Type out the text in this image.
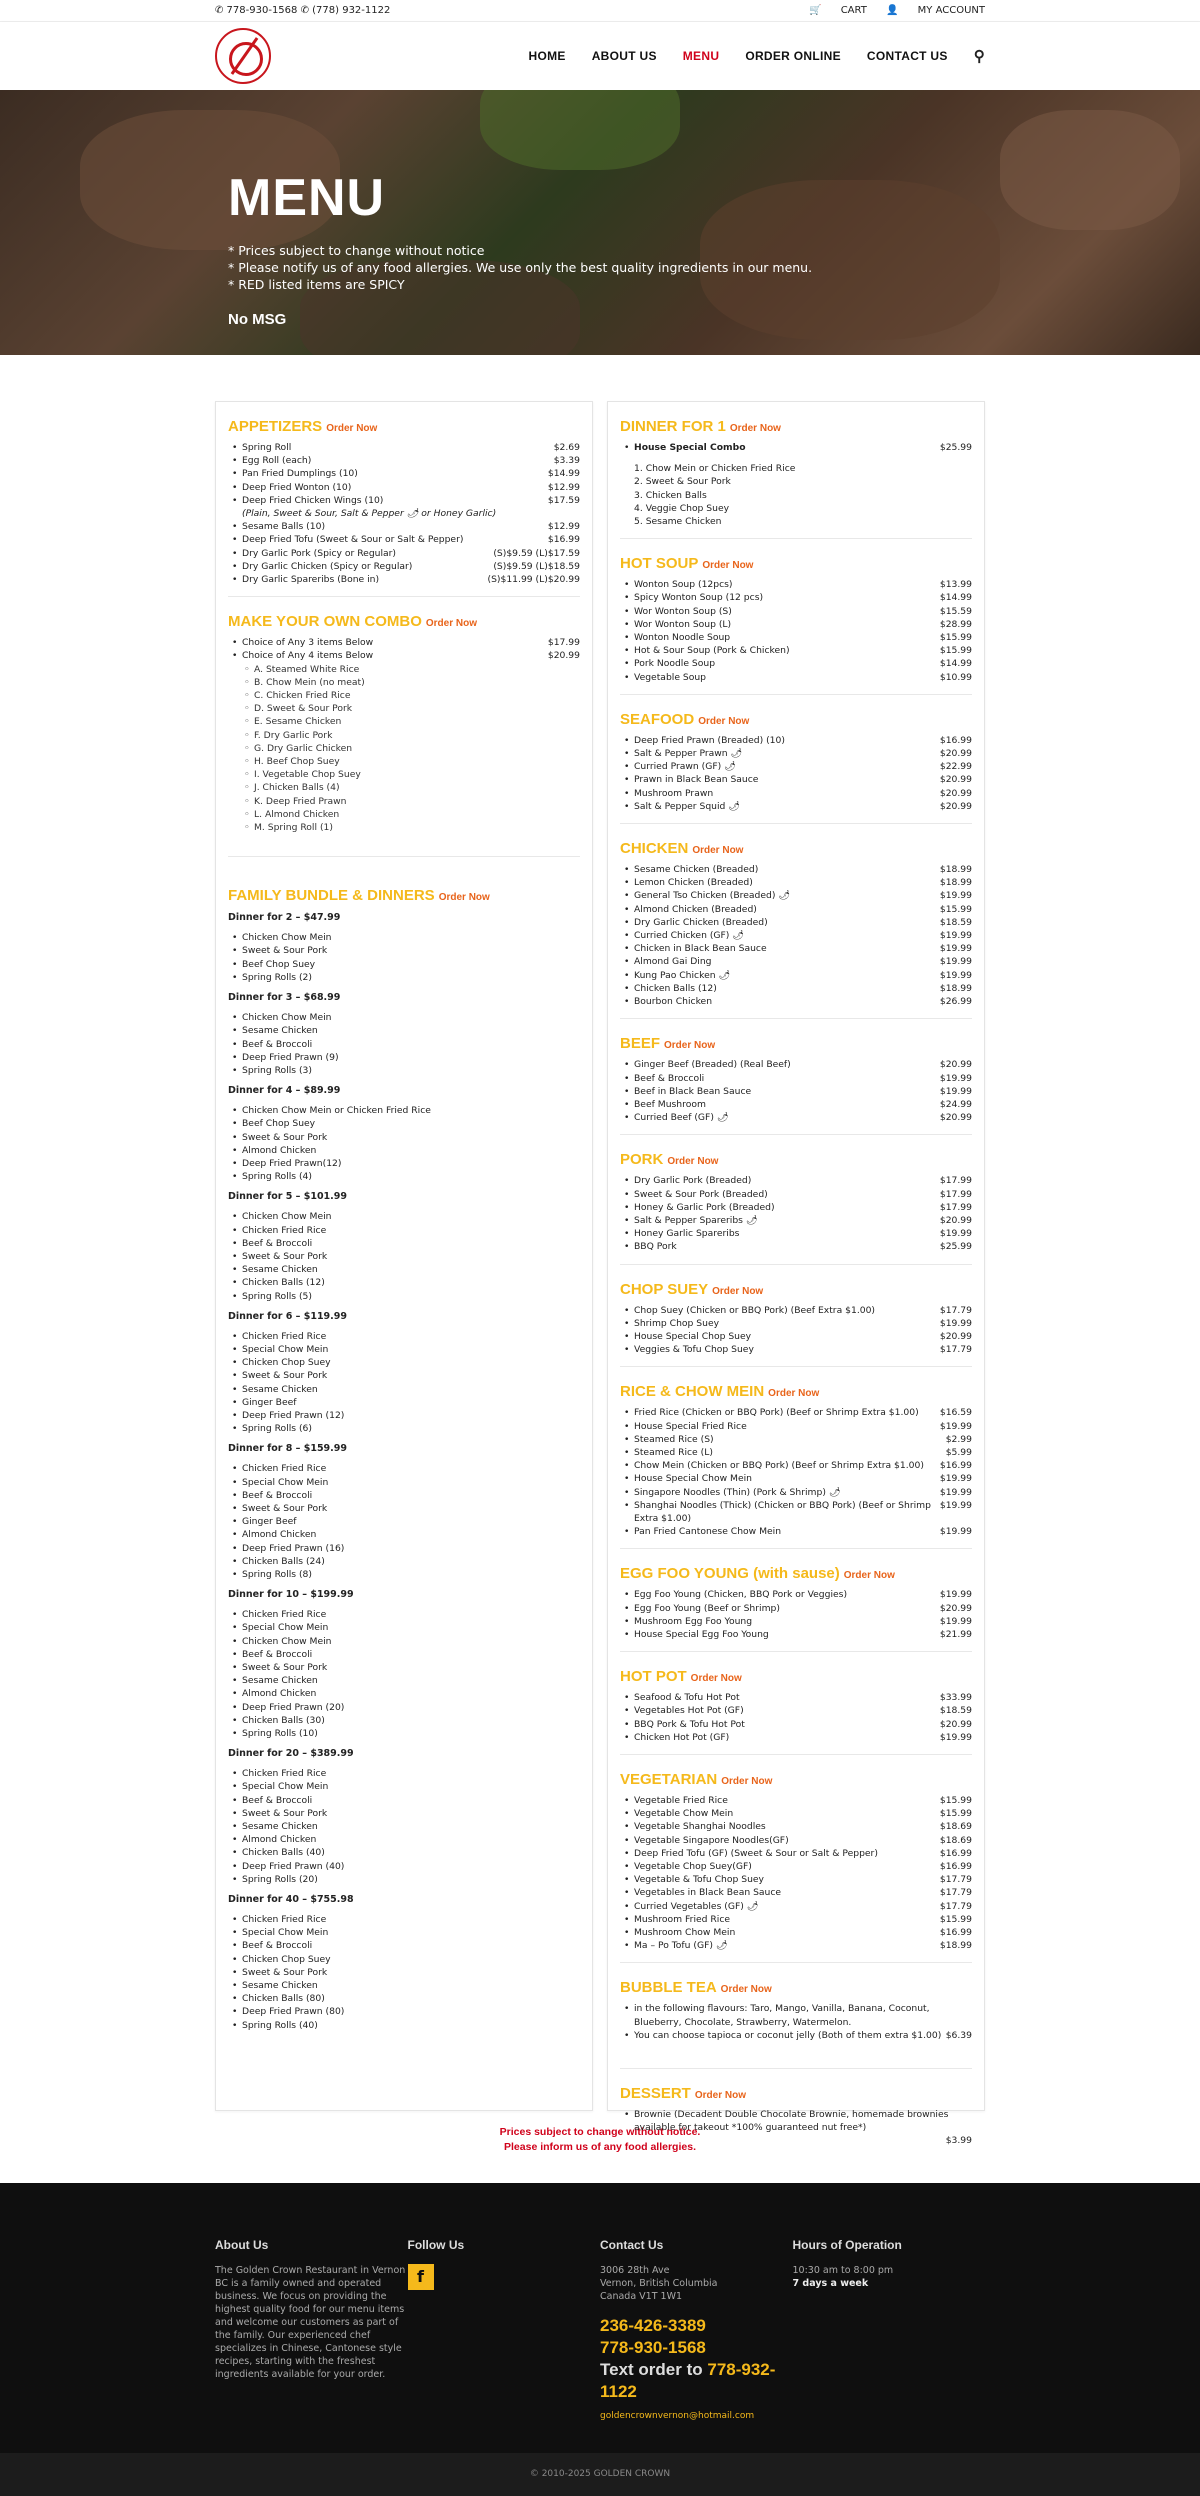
✆ 778-930-1568 ✆ (778) 932-1122	🛒 CART 👤 MY ACCOUNT
HOME ABOUT US MENU ORDER ONLINE CONTACT US ⚲
MENU

* Prices subject to change without notice

* Please notify us of any food allergies. We use only the best quality ingredients in our menu.

* RED listed items are SPICY

No MSG
APPETIZERS Order Now
• Spring Roll	$2.69
• Egg Roll (each)	$3.39
• Pan Fried Dumplings (10)	$14.99
• Deep Fried Wonton (10)	$12.99
• Deep Fried Chicken Wings (10)	$17.59
(Plain, Sweet & Sour, Salt & Pepper 🌶 or Honey Garlic)
• Sesame Balls (10)	$12.99
• Deep Fried Tofu (Sweet & Sour or Salt & Pepper)	$16.99
• Dry Garlic Pork (Spicy or Regular)	(S)$9.59 (L)$17.59
• Dry Garlic Chicken (Spicy or Regular)	(S)$9.59 (L)$18.59
• Dry Garlic Spareribs (Bone in)	(S)$11.99 (L)$20.99
MAKE YOUR OWN COMBO Order Now
• Choice of Any 3 items Below	$17.99
• Choice of Any 4 items Below	$20.99
◦ A. Steamed White Rice
◦ B. Chow Mein (no meat)
◦ C. Chicken Fried Rice
◦ D. Sweet & Sour Pork
◦ E. Sesame Chicken
◦ F. Dry Garlic Pork
◦ G. Dry Garlic Chicken
◦ H. Beef Chop Suey
◦ I. Vegetable Chop Suey
◦ J. Chicken Balls (4)
◦ K. Deep Fried Prawn
◦ L. Almond Chicken
◦ M. Spring Roll (1)
FAMILY BUNDLE & DINNERS Order Now
Dinner for 2 – $47.99
• Chicken Chow Mein
• Sweet & Sour Pork
• Beef Chop Suey
• Spring Rolls (2)
Dinner for 3 – $68.99
• Chicken Chow Mein
• Sesame Chicken
• Beef & Broccoli
• Deep Fried Prawn (9)
• Spring Rolls (3)
Dinner for 4 – $89.99
• Chicken Chow Mein or Chicken Fried Rice
• Beef Chop Suey
• Sweet & Sour Pork
• Almond Chicken
• Deep Fried Prawn(12)
• Spring Rolls (4)
Dinner for 5 – $101.99
• Chicken Chow Mein
• Chicken Fried Rice
• Beef & Broccoli
• Sweet & Sour Pork
• Sesame Chicken
• Chicken Balls (12)
• Spring Rolls (5)
Dinner for 6 – $119.99
• Chicken Fried Rice
• Special Chow Mein
• Chicken Chop Suey
• Sweet & Sour Pork
• Sesame Chicken
• Ginger Beef
• Deep Fried Prawn (12)
• Spring Rolls (6)
Dinner for 8 – $159.99
• Chicken Fried Rice
• Special Chow Mein
• Beef & Broccoli
• Sweet & Sour Pork
• Ginger Beef
• Almond Chicken
• Deep Fried Prawn (16)
• Chicken Balls (24)
• Spring Rolls (8)
Dinner for 10 – $199.99
• Chicken Fried Rice
• Special Chow Mein
• Chicken Chow Mein
• Beef & Broccoli
• Sweet & Sour Pork
• Sesame Chicken
• Almond Chicken
• Deep Fried Prawn (20)
• Chicken Balls (30)
• Spring Rolls (10)
Dinner for 20 – $389.99
• Chicken Fried Rice
• Special Chow Mein
• Beef & Broccoli
• Sweet & Sour Pork
• Sesame Chicken
• Almond Chicken
• Chicken Balls (40)
• Deep Fried Prawn (40)
• Spring Rolls (20)
Dinner for 40 – $755.98
• Chicken Fried Rice
• Special Chow Mein
• Beef & Broccoli
• Chicken Chop Suey
• Sweet & Sour Pork
• Sesame Chicken
• Chicken Balls (80)
• Deep Fried Prawn (80)
• Spring Rolls (40)
DINNER FOR 1 Order Now
• House Special Combo	$25.99
1. Chow Mein or Chicken Fried Rice
2. Sweet & Sour Pork
3. Chicken Balls
4. Veggie Chop Suey
5. Sesame Chicken
HOT SOUP Order Now
• Wonton Soup (12pcs)	$13.99
• Spicy Wonton Soup (12 pcs)	$14.99
• Wor Wonton Soup (S)	$15.59
• Wor Wonton Soup (L)	$28.99
• Wonton Noodle Soup	$15.99
• Hot & Sour Soup (Pork & Chicken)	$15.99
• Pork Noodle Soup	$14.99
• Vegetable Soup	$10.99
SEAFOOD Order Now
• Deep Fried Prawn (Breaded) (10)	$16.99
• Salt & Pepper Prawn 🌶	$20.99
• Curried Prawn (GF) 🌶	$22.99
• Prawn in Black Bean Sauce	$20.99
• Mushroom Prawn	$20.99
• Salt & Pepper Squid 🌶	$20.99
CHICKEN Order Now
• Sesame Chicken (Breaded)	$18.99
• Lemon Chicken (Breaded)	$18.99
• General Tso Chicken (Breaded) 🌶	$19.99
• Almond Chicken (Breaded)	$15.99
• Dry Garlic Chicken (Breaded)	$18.59
• Curried Chicken (GF) 🌶	$19.99
• Chicken in Black Bean Sauce	$19.99
• Almond Gai Ding	$19.99
• Kung Pao Chicken 🌶	$19.99
• Chicken Balls (12)	$18.99
• Bourbon Chicken	$26.99
BEEF Order Now
• Ginger Beef (Breaded) (Real Beef)	$20.99
• Beef & Broccoli	$19.99
• Beef in Black Bean Sauce	$19.99
• Beef Mushroom	$24.99
• Curried Beef (GF) 🌶	$20.99
PORK Order Now
• Dry Garlic Pork (Breaded)	$17.99
• Sweet & Sour Pork (Breaded)	$17.99
• Honey & Garlic Pork (Breaded)	$17.99
• Salt & Pepper Spareribs 🌶	$20.99
• Honey Garlic Spareribs	$19.99
• BBQ Pork	$25.99
CHOP SUEY Order Now
• Chop Suey (Chicken or BBQ Pork) (Beef Extra $1.00)	$17.79
• Shrimp Chop Suey	$19.99
• House Special Chop Suey	$20.99
• Veggies & Tofu Chop Suey	$17.79
RICE & CHOW MEIN Order Now
• Fried Rice (Chicken or BBQ Pork) (Beef or Shrimp Extra $1.00) $16.59
• House Special Fried Rice	$19.99
• Steamed Rice (S)	$2.99
• Steamed Rice (L)	$5.99
• Chow Mein (Chicken or BBQ Pork) (Beef or Shrimp Extra $1.00) $16.99
• House Special Chow Mein	$19.99
• Singapore Noodles (Thin) (Pork & Shrimp) 🌶	$19.99
• Shanghai Noodles (Thick) (Chicken or BBQ Pork) (Beef or Shrimp Extra $1.00)
$19.99
• Pan Fried Cantonese Chow Mein	$19.99
EGG FOO YOUNG (with sause) Order Now
• Egg Foo Young (Chicken, BBQ Pork or Veggies)	$19.99
• Egg Foo Young (Beef or Shrimp)	$20.99
• Mushroom Egg Foo Young	$19.99
• House Special Egg Foo Young	$21.99
HOT POT Order Now
• Seafood & Tofu Hot Pot	$33.99
• Vegetables Hot Pot (GF)	$18.59
• BBQ Pork & Tofu Hot Pot	$20.99
• Chicken Hot Pot (GF)	$19.99
VEGETARIAN Order Now
• Vegetable Fried Rice	$15.99
• Vegetable Chow Mein	$15.99
• Vegetable Shanghai Noodles	$18.69
• Vegetable Singapore Noodles(GF)	$18.69
• Deep Fried Tofu (GF) (Sweet & Sour or Salt & Pepper)	$16.99
• Vegetable Chop Suey(GF)	$16.99
• Vegetable & Tofu Chop Suey	$17.79
• Vegetables in Black Bean Sauce	$17.79
• Curried Vegetables (GF) 🌶	$17.79
• Mushroom Fried Rice	$15.99
• Mushroom Chow Mein	$16.99
• Ma – Po Tofu (GF) 🌶	$18.99
BUBBLE TEA Order Now
• in the following flavours: Taro, Mango, Vanilla, Banana, Coconut, Blueberry, Chocolate, Strawberry, Watermelon.
• You can choose tapioca or coconut jelly (Both of them extra $1.00) $6.39
DESSERT Order Now
• Brownie (Decadent Double Chocolate Brownie, homemade brownies available for takeout *100% guaranteed nut free*)
$3.99
Prices subject to change without notice.
Please inform us of any food allergies.
About Us

The Golden Crown Restaurant in Vernon BC is a family owned and operated business. We focus on providing the highest quality food for our menu items and welcome our customers as part of the family. Our experienced chef specializes in Chinese, Cantonese style recipes, starting with the freshest ingredients available for your order.

Follow Us
f
Contact Us

3006 28th Ave

Vernon, British Columbia

Canada V1T 1W1

236-426-3389
778-930-1568
Text order to 778-932-1122
goldencrownvernon@hotmail.com
Hours of Operation

10:30 am to 8:00 pm

7 days a week

© 2010-2025 GOLDEN CROWN
